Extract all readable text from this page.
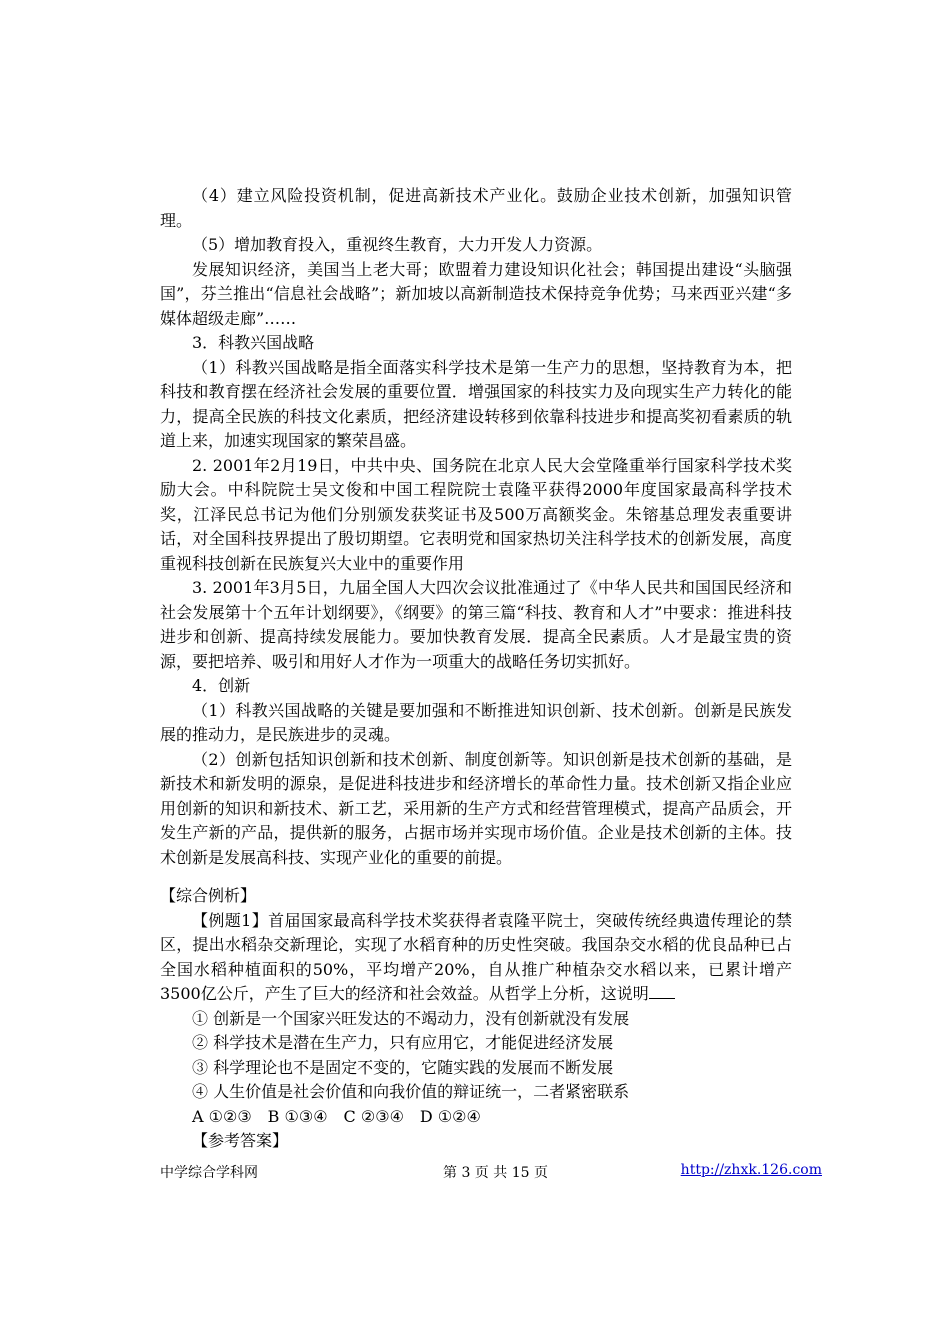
（4）建立风险投资机制，促进高新技术产业化。鼓励企业技术创新，加强知识管理。

（5）增加教育投入，重视终生教育，大力开发人力资源。

发展知识经济，美国当上老大哥；欧盟着力建设知识化社会；韩国提出建设“头脑强国”，芬兰推出“信息社会战略”；新加坡以高新制造技术保持竞争优势；马来西亚兴建“多媒体超级走廊”……

3．科教兴国战略

（1）科教兴国战略是指全面落实科学技术是第一生产力的思想，坚持教育为本，把科技和教育摆在经济社会发展的重要位置．增强国家的科技实力及向现实生产力转化的能力，提高全民族的科技文化素质，把经济建设转移到依靠科技进步和提高奖初看素质的轨道上来，加速实现国家的繁荣昌盛。

2. 2001年2月19日，中共中央、国务院在北京人民大会堂隆重举行国家科学技术奖励大会。中科院院士吴文俊和中国工程院院士袁隆平获得2000年度国家最高科学技术奖，江泽民总书记为他们分别颁发获奖证书及500万高额奖金。朱镕基总理发表重要讲话，对全国科技界提出了殷切期望。它表明党和国家热切关注科学技术的创新发展，高度重视科技创新在民族复兴大业中的重要作用

3. 2001年3月5日，九届全国人大四次会议批准通过了《中华人民共和国国民经济和社会发展第十个五年计划纲要》，《纲要》的第三篇“科技、教育和人才”中要求：推进科技进步和创新、提高持续发展能力。要加快教育发展．提高全民素质。人才是最宝贵的资源，要把培养、吸引和用好人才作为一项重大的战略任务切实抓好。

4．创新

（1）科教兴国战略的关键是要加强和不断推进知识创新、技术创新。创新是民族发展的推动力，是民族进步的灵魂。

（2）创新包括知识创新和技术创新、制度创新等。知识创新是技术创新的基础，是新技术和新发明的源泉，是促进科技进步和经济增长的革命性力量。技术创新又指企业应用创新的知识和新技术、新工艺，采用新的生产方式和经营管理模式，提高产品质会，开发生产新的产品，提供新的服务，占据市场并实现市场价值。企业是技术创新的主体。技术创新是发展高科技、实现产业化的重要的前提。

【综合例析】

【例题1】首届国家最高科学技术奖获得者袁隆平院士，突破传统经典遗传理论的禁区，提出水稻杂交新理论，实现了水稻育种的历史性突破。我国杂交水稻的优良品种已占全国水稻种植面积的50%，平均增产20%，自从推广种植杂交水稻以来，已累计增产3500亿公斤，产生了巨大的经济和社会效益。从哲学上分析，这说明

① 创新是一个国家兴旺发达的不竭动力，没有创新就没有发展

② 科学技术是潜在生产力，只有应用它，才能促进经济发展

③ 科学理论也不是固定不变的，它随实践的发展而不断发展

④ 人生价值是社会价值和向我价值的辩证统一，二者紧密联系

A ①②③　B ①③④　C ②③④　D ①②④

【参考答案】

中学综合学科网	第 3 页 共 15 页	http://zhxk.126.com
